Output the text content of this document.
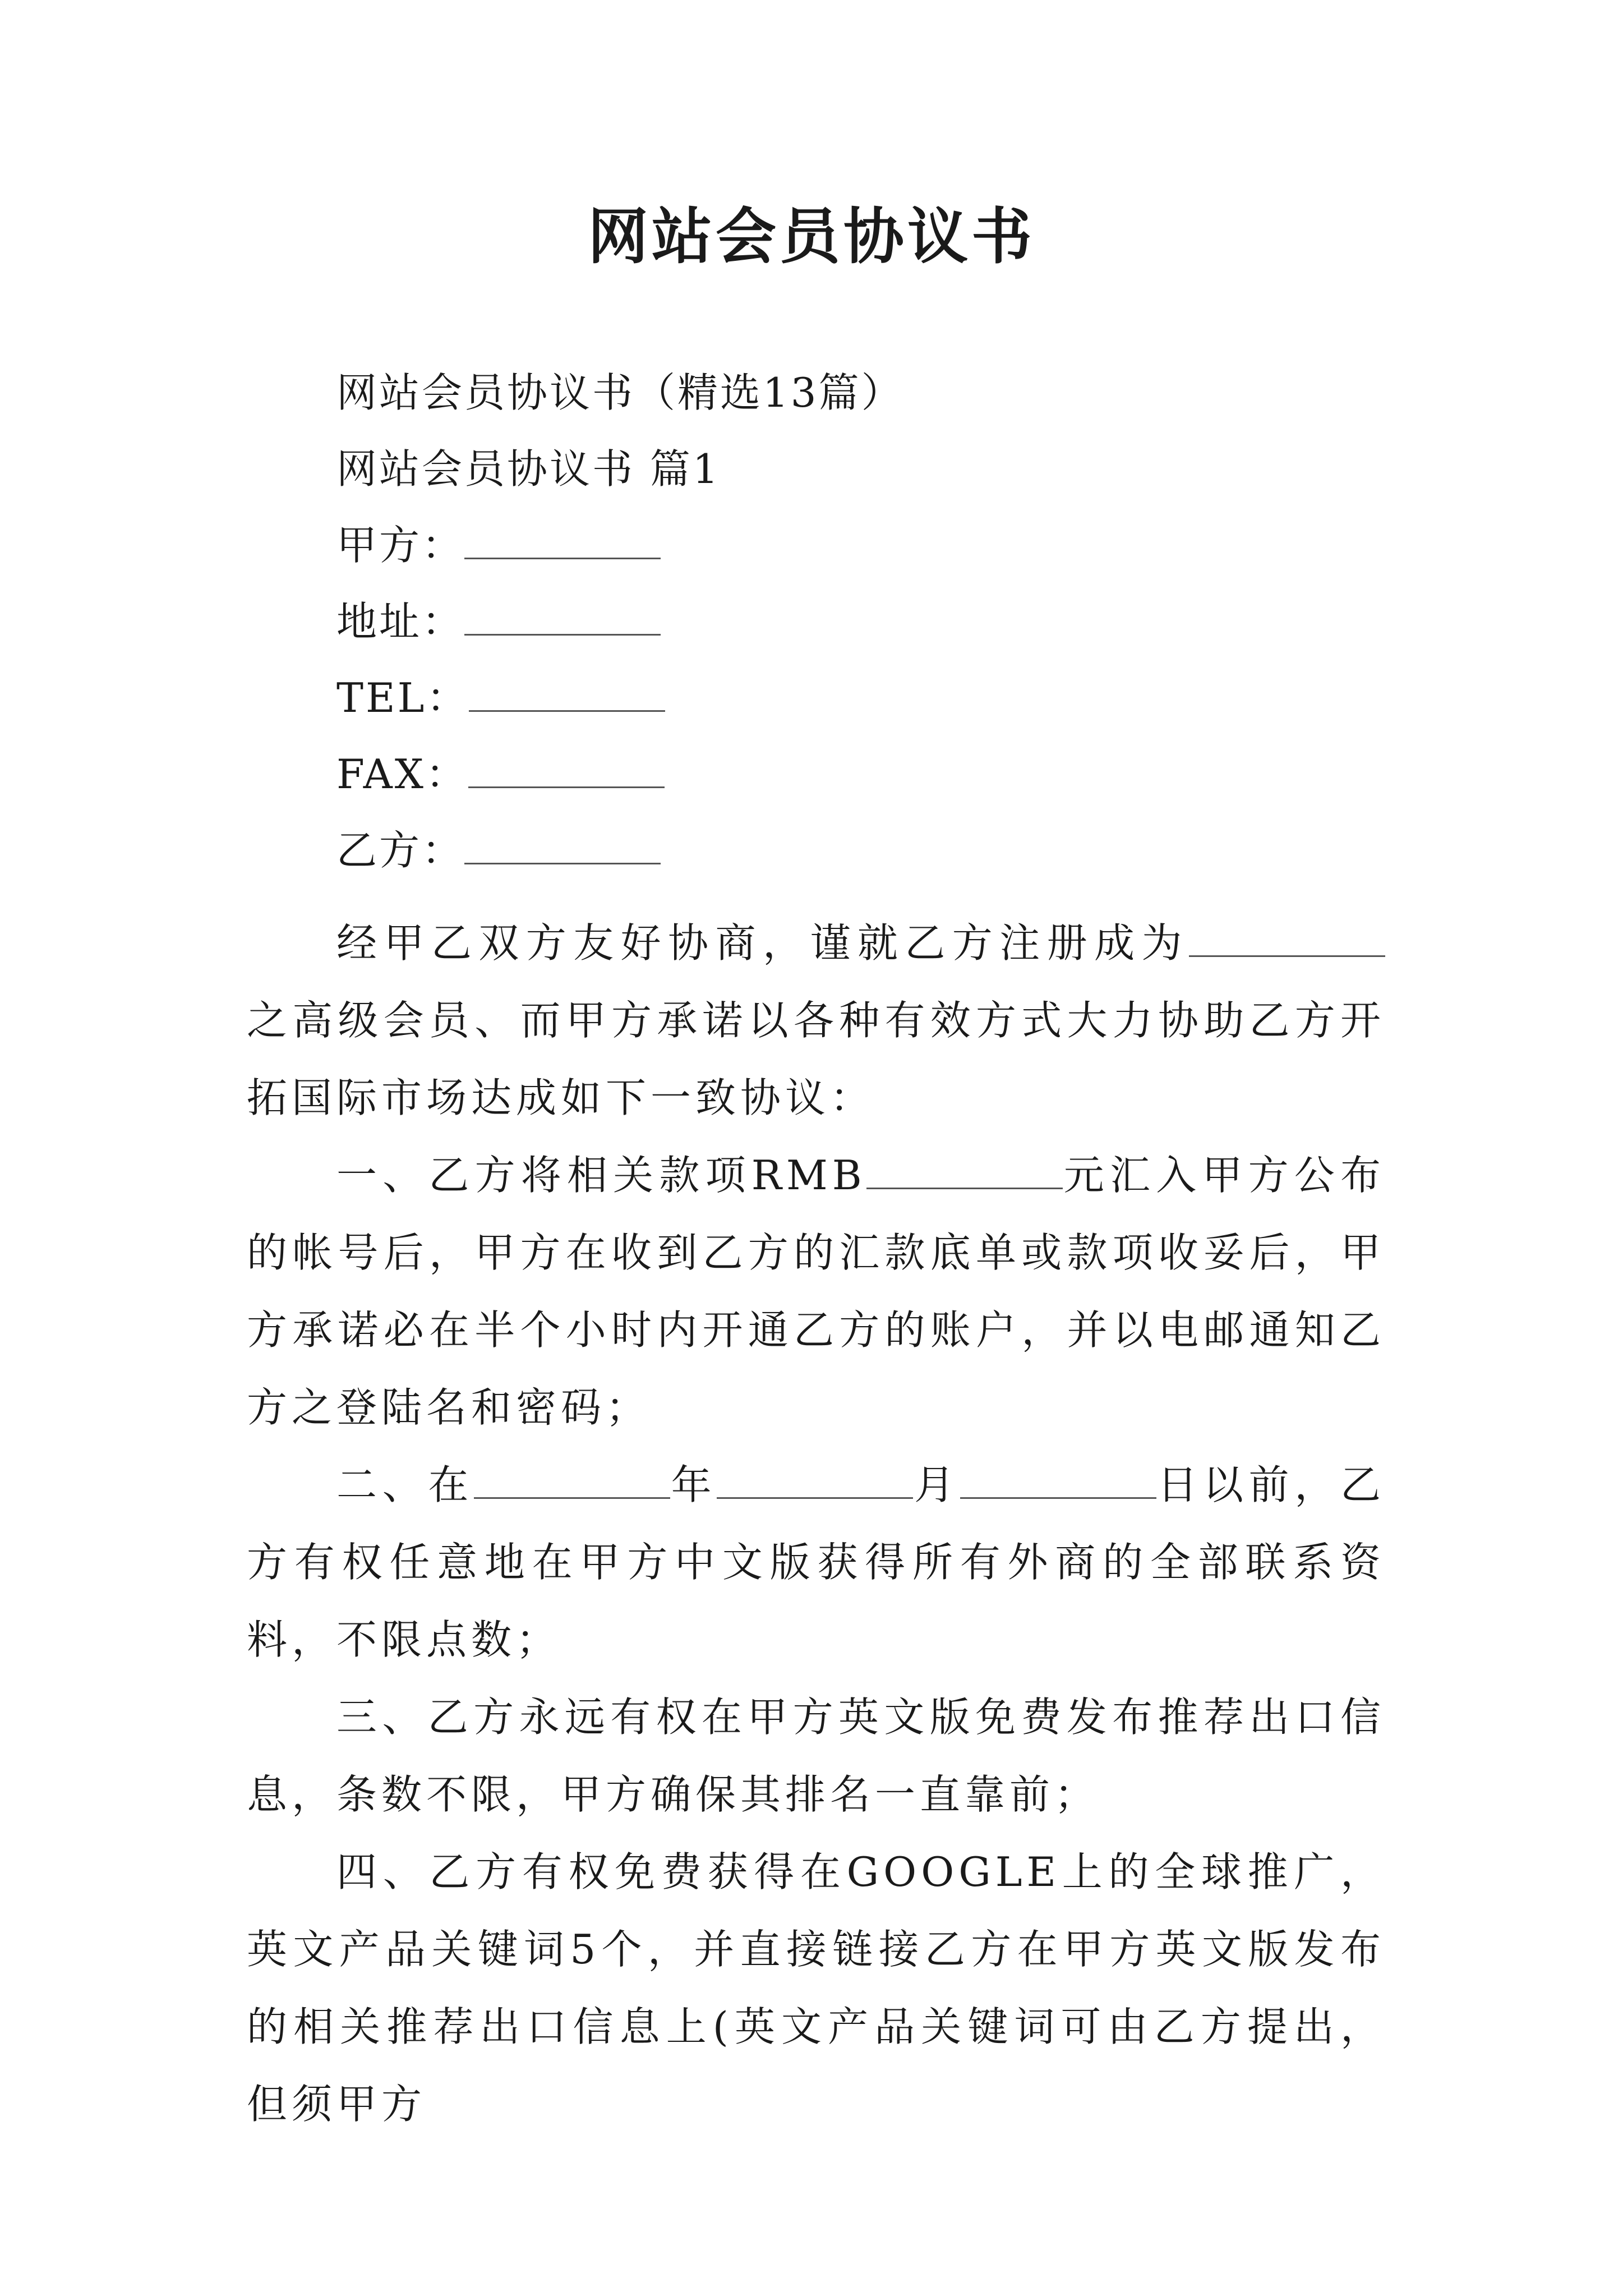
网站会员协议书
网站会员协议书（精选13篇）
网站会员协议书 篇1
甲方：
地址：
TEL：
FAX：
乙方：

经甲乙双方友好协商，谨就乙方注册成为之高级会员、而甲方承诺以各种有效方式大力协助乙方开拓国际市场达成如下一致协议：

一、乙方将相关款项RMB	元汇入甲方公布的帐号后，甲方在收到乙方的汇款底单或款项收妥后，甲方承诺必在半个小时内开通乙方的账户，并以电邮通知乙方之登陆名和密码；

二、在	年	月	日以前，乙方有权任意地在甲方中文版获得所有外商的全部联系资料，不限点数；

三、乙方永远有权在甲方英文版免费发布推荐出口信息，条数不限，甲方确保其排名一直靠前；

四、乙方有权免费获得在GOOGLE上的全球推广，英文产品关键词5个，并直接链接乙方在甲方英文版发布的相关推荐出口信息上(英文产品关键词可由乙方提出，但须甲方
